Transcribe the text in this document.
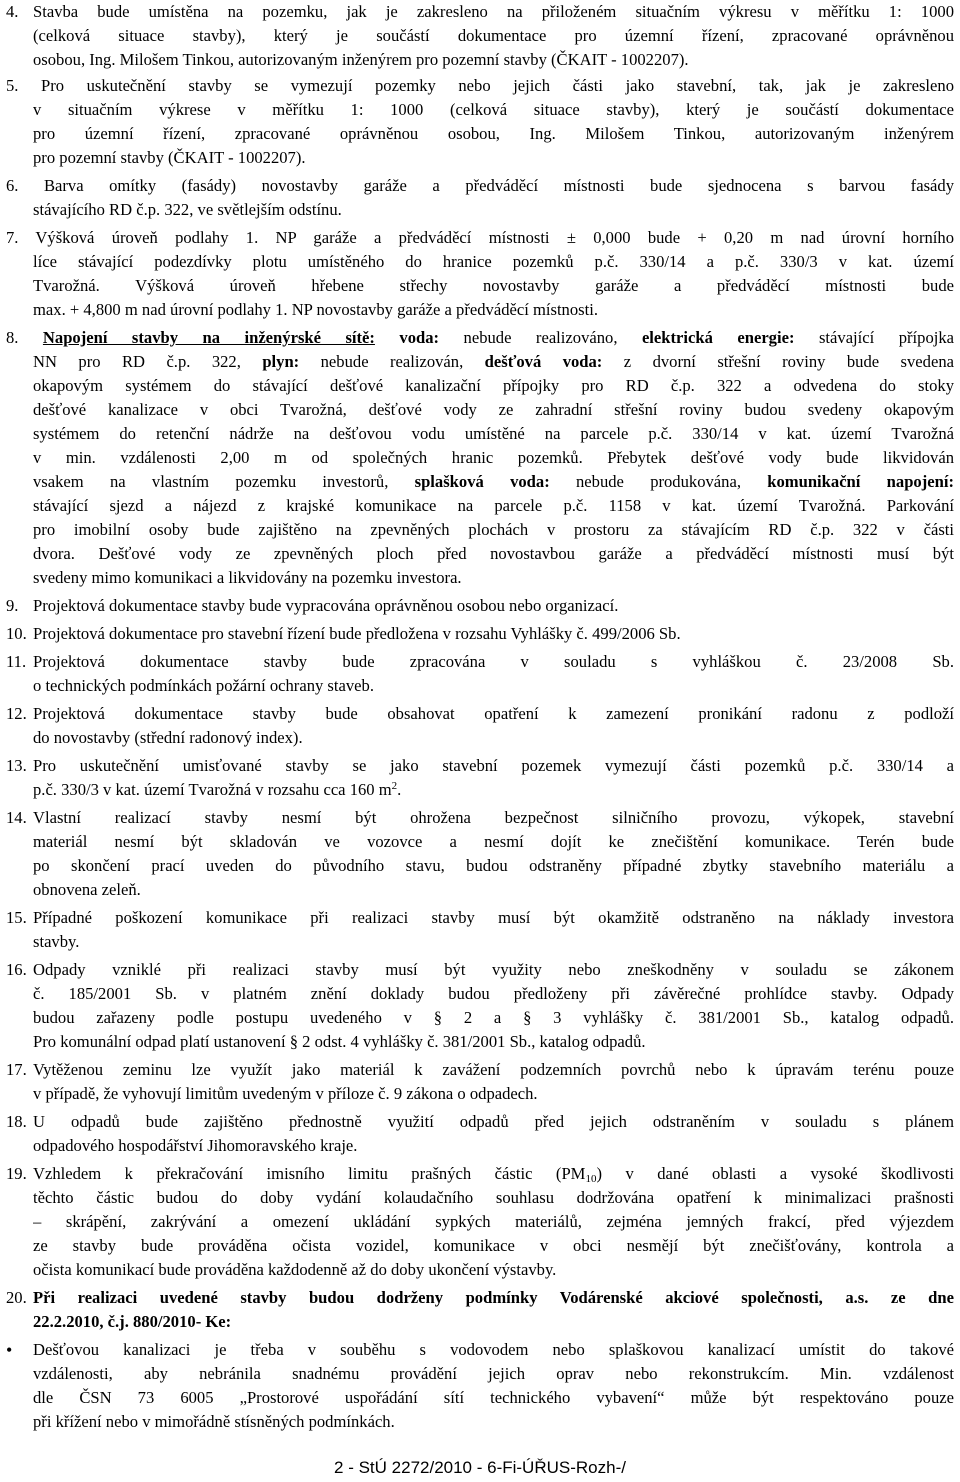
4. Stavba bude umístěna na pozemku, jak je zakresleno na přiloženém situačním výkresu v měřítku 1: 1000
(celková situace stavby), který je součástí dokumentace pro územní řízení, zpracované oprávněnou
osobou, Ing. Milošem Tinkou, autorizovaným inženýrem pro pozemní stavby (ČKAIT - 1002207).
5. Pro uskutečnění stavby se vymezují pozemky nebo jejich části jako stavební, tak, jak je zakresleno
v situačním výkrese v měřítku 1: 1000 (celková situace stavby), který je součástí dokumentace
pro územní řízení, zpracované oprávněnou osobou, Ing. Milošem Tinkou, autorizovaným inženýrem
pro pozemní stavby (ČKAIT - 1002207).
6. Barva omítky (fasády) novostavby garáže a předváděcí místnosti bude sjednocena s barvou fasády
stávajícího RD č.p. 322, ve světlejším odstínu.
7. Výšková úroveň podlahy 1. NP garáže a předváděcí místnosti ± 0,000 bude + 0,20 m nad úrovní horního
líce stávající podezdívky plotu umístěného do hranice pozemků p.č. 330/14 a p.č. 330/3 v kat. území
Tvarožná. Výšková úroveň hřebene střechy novostavby garáže a předváděcí místnosti bude
max. + 4,800 m nad úrovní podlahy 1. NP novostavby garáže a předváděcí místnosti.
8. Napojení stavby na inženýrské sítě: voda: nebude realizováno, elektrická energie: stávající přípojka
NN pro RD č.p. 322, plyn: nebude realizován, dešťová voda: z dvorní střešní roviny bude svedena
okapovým systémem do stávající dešťové kanalizační přípojky pro RD č.p. 322 a odvedena do stoky
dešťové kanalizace v obci Tvarožná, dešťové vody ze zahradní střešní roviny budou svedeny okapovým
systémem do retenční nádrže na dešťovou vodu umístěné na parcele p.č. 330/14 v kat. území Tvarožná
v min. vzdálenosti 2,00 m od společných hranic pozemků. Přebytek dešťové vody bude likvidován
vsakem na vlastním pozemku investorů, splašková voda: nebude produkována, komunikační napojení:
stávající sjezd a nájezd z krajské komunikace na parcele p.č. 1158 v kat. území Tvarožná. Parkování
pro imobilní osoby bude zajištěno na zpevněných plochách v prostoru za stávajícím RD č.p. 322 v části
dvora. Dešťové vody ze zpevněných ploch před novostavbou garáže a předváděcí místnosti musí být
svedeny mimo komunikaci a likvidovány na pozemku investora.
9. Projektová dokumentace stavby bude vypracována oprávněnou osobou nebo organizací.
10. Projektová dokumentace pro stavební řízení bude předložena v rozsahu Vyhlášky č. 499/2006 Sb.
11. Projektová dokumentace stavby bude zpracována v souladu s vyhláškou č. 23/2008 Sb.
o technických podmínkách požární ochrany staveb.
12. Projektová dokumentace stavby bude obsahovat opatření k zamezení pronikání radonu z podloží
do novostavby (střední radonový index).
13. Pro uskutečnění umisťované stavby se jako stavební pozemek vymezují části pozemků p.č. 330/14 a
p.č. 330/3 v kat. území Tvarožná v rozsahu cca 160 $m^2$.
14. Vlastní realizací stavby nesmí být ohrožena bezpečnost silničního provozu, výkopek, stavební
materiál nesmí být skladován ve vozovce a nesmí dojít ke znečištění komunikace. Terén bude
po skončení prací uveden do původního stavu, budou odstraněny případné zbytky stavebního materiálu a
obnovena zeleň.
15. Případné poškození komunikace při realizaci stavby musí být okamžitě odstraněno na náklady investora
stavby.
16. Odpady vzniklé při realizaci stavby musí být využity nebo zneškodněny v souladu se zákonem
č. 185/2001 Sb. v platném znění doklady budou předloženy při závěrečné prohlídce stavby. Odpady
budou zařazeny podle postupu uvedeného v § 2 a § 3 vyhlášky č. 381/2001 Sb., katalog odpadů.
Pro komunální odpad platí ustanovení § 2 odst. 4 vyhlášky č. 381/2001 Sb., katalog odpadů.
17. Vytěženou zeminu lze využít jako materiál k zavážení podzemních povrchů nebo k úpravám terénu pouze
v případě, že vyhovují limitům uvedeným v příloze č. 9 zákona o odpadech.
18. U odpadů bude zajištěno přednostně využití odpadů před jejich odstraněním v souladu s plánem
odpadového hospodářství Jihomoravského kraje.
19. Vzhledem k překračování imisního limitu prašných částic $(PM_{10})$ v dané oblasti a vysoké škodlivosti
těchto částic budou do doby vydání kolaudačního souhlasu dodržována opatření k minimalizaci prašnosti
– skrápění, zakrývání a omezení ukládání sypkých materiálů, zejména jemných frakcí, před výjezdem
ze stavby bude prováděna očista vozidel, komunikace v obci nesmějí být znečišťovány, kontrola a
očista komunikací bude prováděna každodenně až do doby ukončení výstavby.
20. Při realizaci uvedené stavby budou dodrženy podmínky Vodárenské akciové společnosti, a.s. ze dne
22.2.2010, č.j. 880/2010- Ke:
• Dešťovou kanalizaci je třeba v souběhu s vodovodem nebo splaškovou kanalizací umístit do takové
vzdálenosti, aby nebránila snadnému provádění jejich oprav nebo rekonstrukcím. Min. vzdálenost
dle ČSN 73 6005 „Prostorové uspořádání sítí technického vybavení“ může být respektováno pouze
při křížení nebo v mimořádně stísněných podmínkách.
2 - StÚ 2272/2010 - 6-Fi-ÚŘUS-Rozh-/
